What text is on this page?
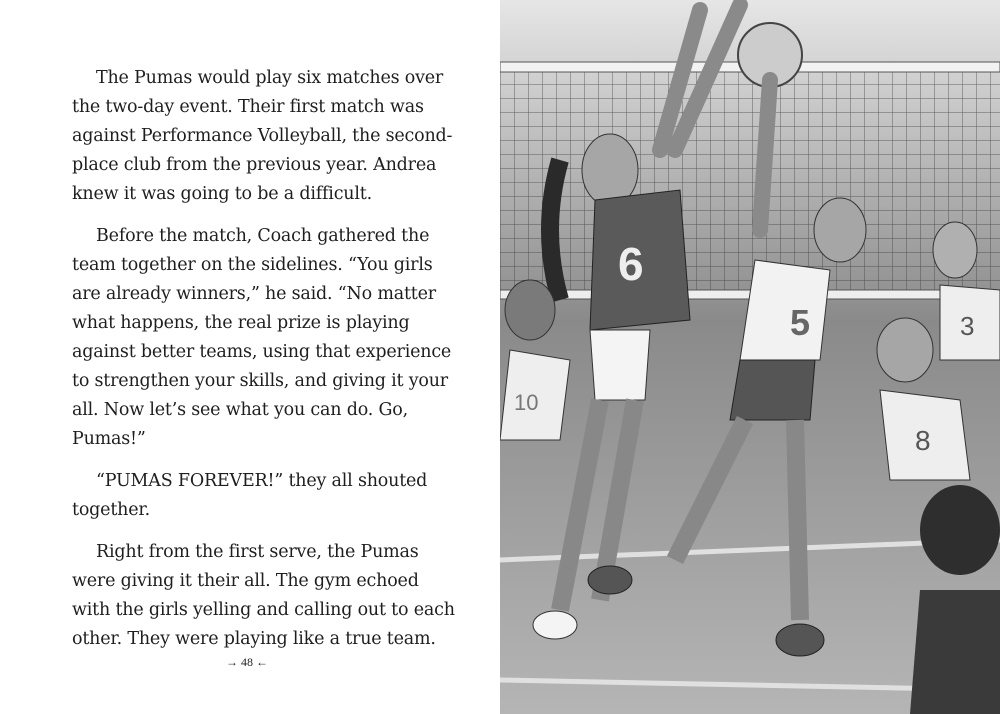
The Pumas would play six matches over
the two-day event. Their first match was
against Performance Volleyball, the second-
place club from the previous year. Andrea
knew it was going to be a difficult.
Before the match, Coach gathered the
team together on the sidelines. “You girls
are already winners,” he said. “No matter
what happens, the real prize is playing
against better teams, using that experience
to strengthen your skills, and giving it your
all. Now let’s see what you can do. Go,
Pumas!”
“PUMAS FOREVER!” they all shouted
together.
Right from the first serve, the Pumas
were giving it their all. The gym echoed
with the girls yelling and calling out to each
other. They were playing like a true team.
→ 48 ←
6
5
8
3
10
